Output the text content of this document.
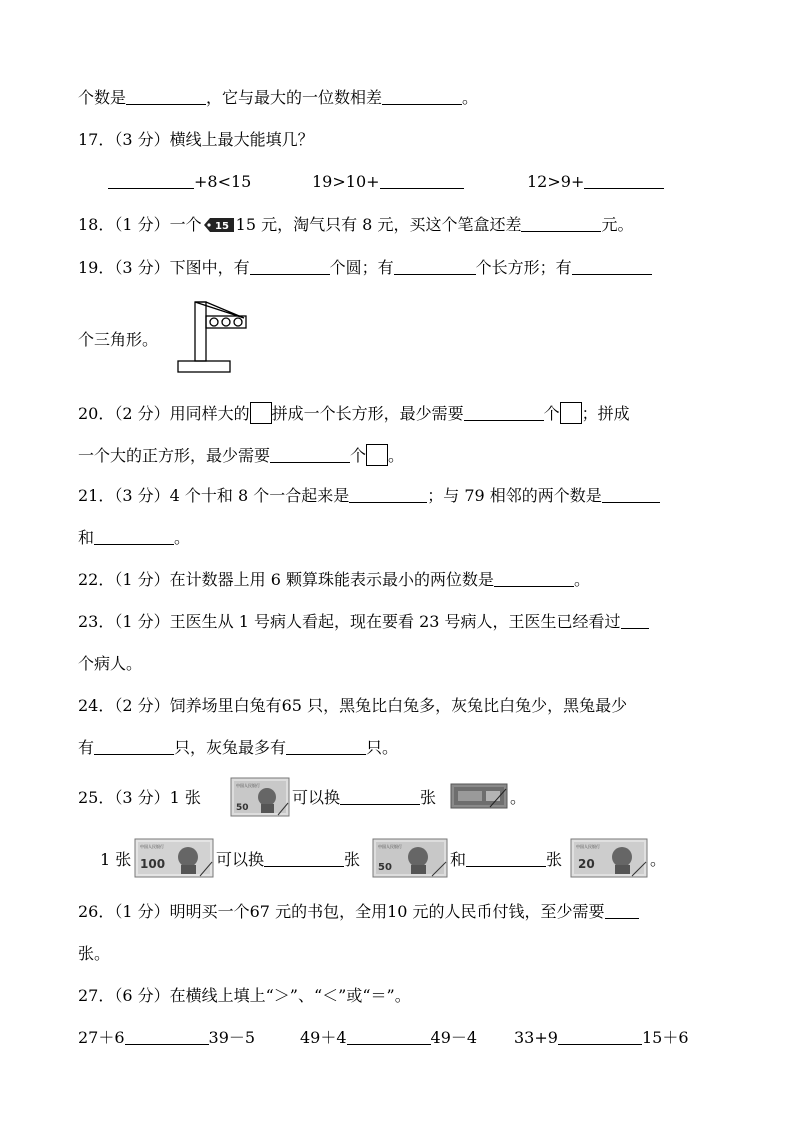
个数是	，它与最大的一位数相差	。
17．（3 分）横线上最大能填几？
+8<15	19>10+	12>9+
18．（1 分）一个 15 15 元，淘气只有 8 元，买这个笔盒还差	元。
19．（3 分）下图中，有	个圆；有	个长方形；有
个三角形。
20．（2 分）用同样大的 拼成一个长方形，最少需要	个 ；拼成
一个大的正方形，最少需要	个 。
21．（3 分）4 个十和 8 个一合起来是	；与 79 相邻的两个数是
和	。
22．（1 分）在计数器上用 6 颗算珠能表示最小的两位数是	。
23．（1 分）王医生从 1 号病人看起，现在要看 23 号病人，王医生已经看过
个病人。
24．（2 分）饲养场里白兔有65 只，黑兔比白兔多，灰兔比白兔少，黑兔最少
有	只，灰兔最多有	只。
25．（3 分）1 张
中国人民银行
50
可以换	张	。
1 张
中国人民银行
100	可以换	张
中国人民银行
50	和	张
中国人民银行
20	。
26．（1 分）明明买一个67 元的书包，全用10 元的人民币付钱，至少需要
张。
27．（6 分）在横线上填上“＞”、“＜”或“＝”。
27＋6	39－5	49＋4	49－4 33+9	15＋6
